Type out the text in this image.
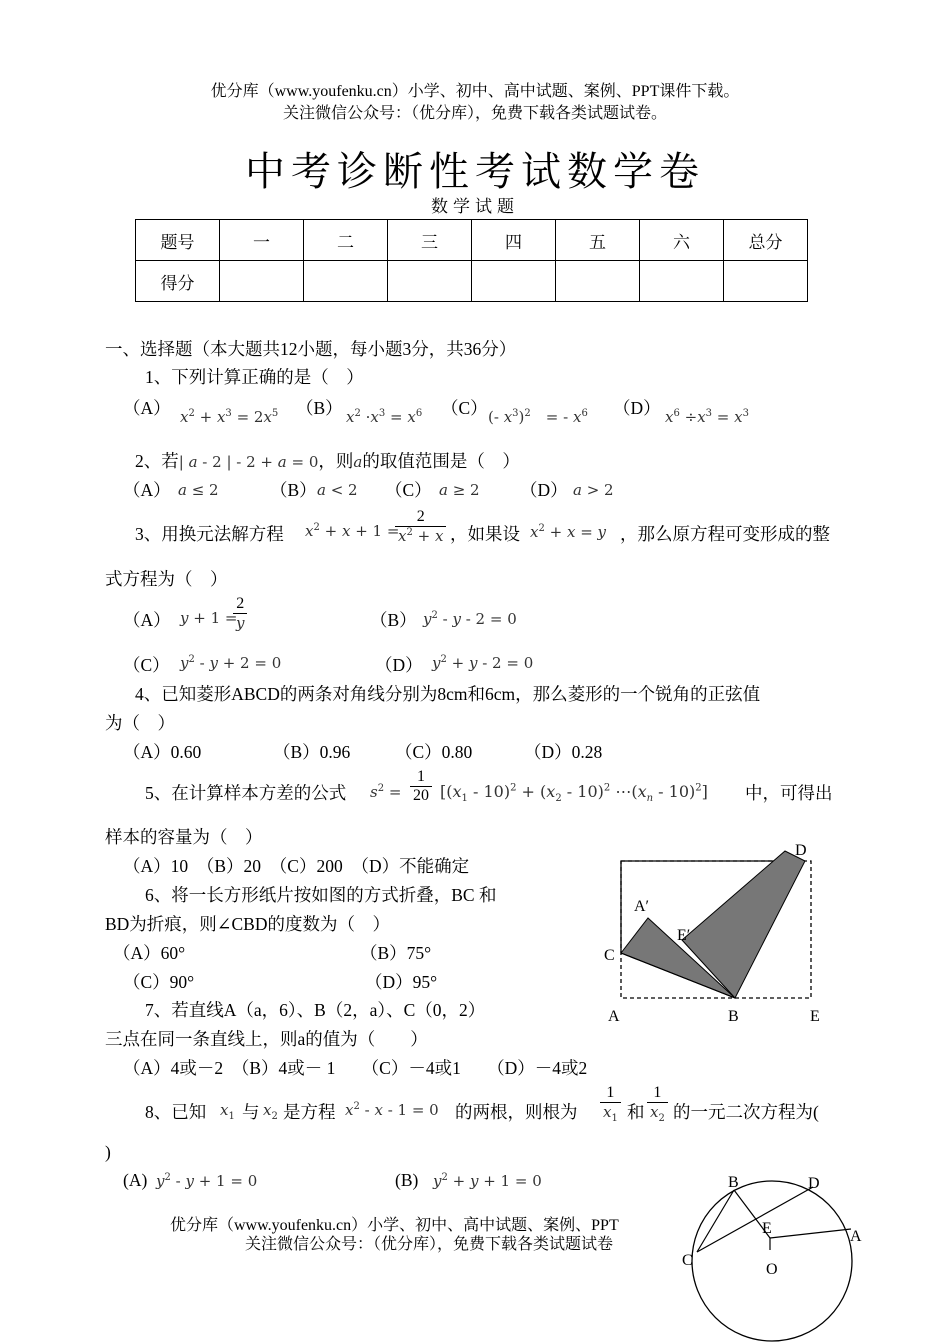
优分库（www.youfenku.cn）小学、初中、高中试题、案例、PPT课件下载。
关注微信公众号：（优分库），免费下载各类试题试卷。
中考诊断性考试数学卷
数学试题
题号	一	二	三	四	五	六	总分
得分							
一、选择题（本大题共12小题，每小题3分，共36分）
1、下列计算正确的是（　）
（A） $x^2 + x^3 = 2x^5$ （B） $x^2 \cdot x^3 = x^6$ （C） (- $x^3)^2$　= - $x^6$ （D） $x^6 \div x^3 = x^3$
2、若| a - 2 | - 2 + a = 0，则a的取值范围是（　）
（A） a ≤ 2	（B） a < 2 （C） a ≥ 2 （D） a > 2
3、用换元法解方程 $x^2 + x + 1$ =
$\frac{2}{x^2 + x}$ ，如果设 $x^2 + x = y$ ，那么原方程可变形成的整
式方程为（　）
（A） y + 1 =
$\frac{2}{y}$	（B） $y^2 - y - 2 = 0$
（C） $y^2 - y + 2 = 0$	（D） $y^2 + y - 2 = 0$
4、已知菱形ABCD的两条对角线分别为8cm和6cm，那么菱形的一个锐角的正弦值
为（　）
（A）0.60	（B）0.96	（C）0.80	（D）0.28
5、在计算样本方差的公式 $s^2 = \frac{1}{20} [(x_1 - 10)^2 + (x_2 - 10)^2$ $\cdots(x_n - 10)^2$] 中，可得出
样本的容量为（　）
（A）10　（B）20　（C）200　（D）不能确定
6、将一长方形纸片按如图的方式折叠，BC 和
BD为折痕，则∠CBD的度数为（　）
（A）60°	（B）75°
（C）90°	（D）95°
A	B
C
D
E
A′
E′
7、若直线A（a，6）、B（2，a）、C（0，2）
三点在同一条直线上，则a的值为（　　）
（A）4或－2　（B）4或－ 1　　（C）－4或1　　（D）－4或2
8、已知 $x_1$ 与 $x_2$ 是方程 $x^2 - x - 1 = 0$ 的两根，则根为 $\frac{1}{x_1}$ 和 $\frac{1}{x_2}$ 的一元二次方程为(
)
(A) $y^2 - y + 1 = 0$	(B) $y^2 + y + 1 = 0$	B	D
E
C
A
O
优分库（www.youfenku.cn）小学、初中、高中试题、案例、PPT
关注微信公众号：（优分库），免费下载各类试题试卷
